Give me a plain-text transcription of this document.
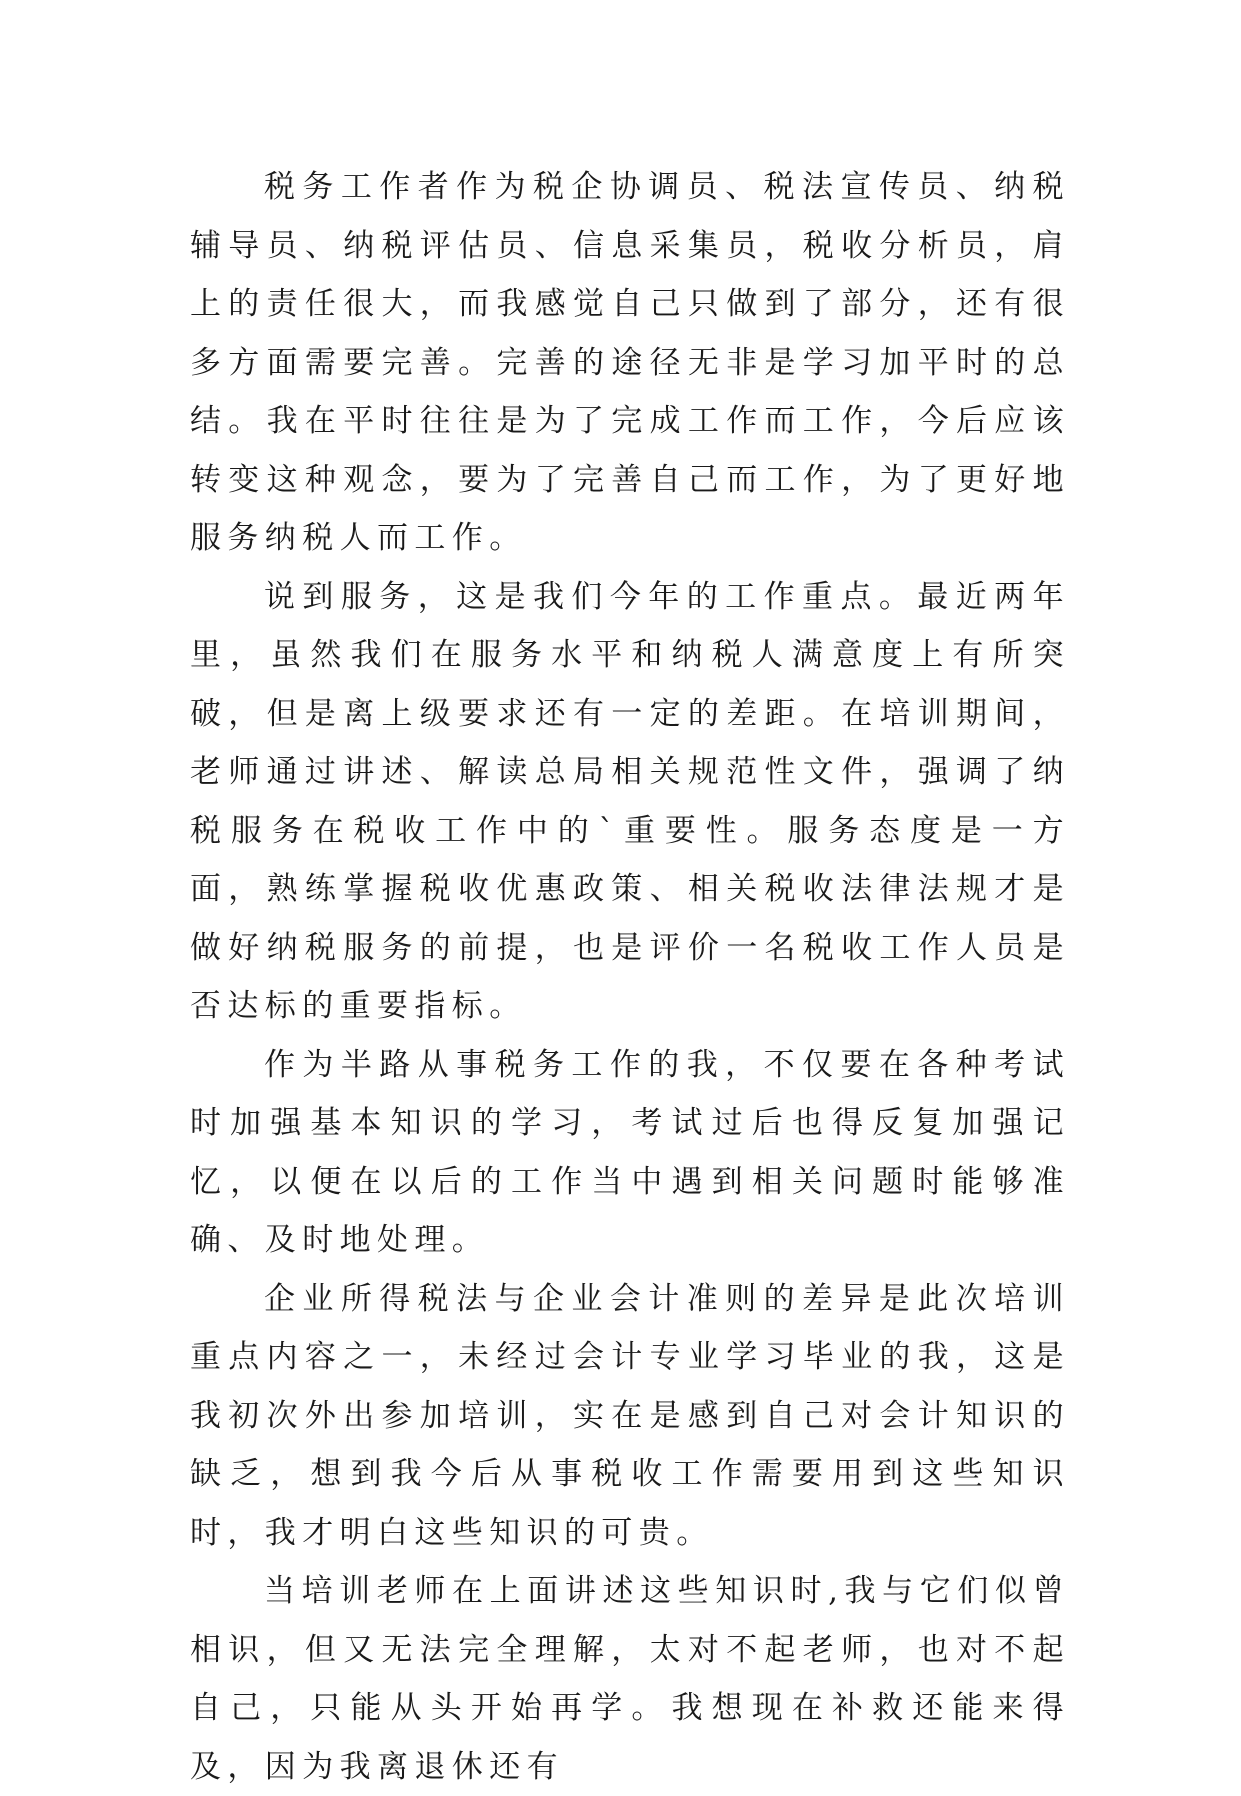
税务工作者作为税企协调员、税法宣传员、纳税辅导员、纳税评估员、信息采集员，税收分析员，肩上的责任很大，而我感觉自己只做到了部分，还有很多方面需要完善。完善的途径无非是学习加平时的总结。我在平时往往是为了完成工作而工作，今后应该转变这种观念，要为了完善自己而工作，为了更好地服务纳税人而工作。

说到服务，这是我们今年的工作重点。最近两年里，虽然我们在服务水平和纳税人满意度上有所突破，但是离上级要求还有一定的差距。在培训期间，老师通过讲述、解读总局相关规范性文件，强调了纳税服务在税收工作中的`重要性。服务态度是一方面，熟练掌握税收优惠政策、相关税收法律法规才是做好纳税服务的前提，也是评价一名税收工作人员是否达标的重要指标。

作为半路从事税务工作的我，不仅要在各种考试时加强基本知识的学习，考试过后也得反复加强记忆，以便在以后的工作当中遇到相关问题时能够准确、及时地处理。

企业所得税法与企业会计准则的差异是此次培训重点内容之一，未经过会计专业学习毕业的我，这是我初次外出参加培训，实在是感到自己对会计知识的缺乏，想到我今后从事税收工作需要用到这些知识时，我才明白这些知识的可贵。

当培训老师在上面讲述这些知识时,我与它们似曾相识，但又无法完全理解，太对不起老师，也对不起自己，只能从头开始再学。我想现在补救还能来得及，因为我离退休还有
